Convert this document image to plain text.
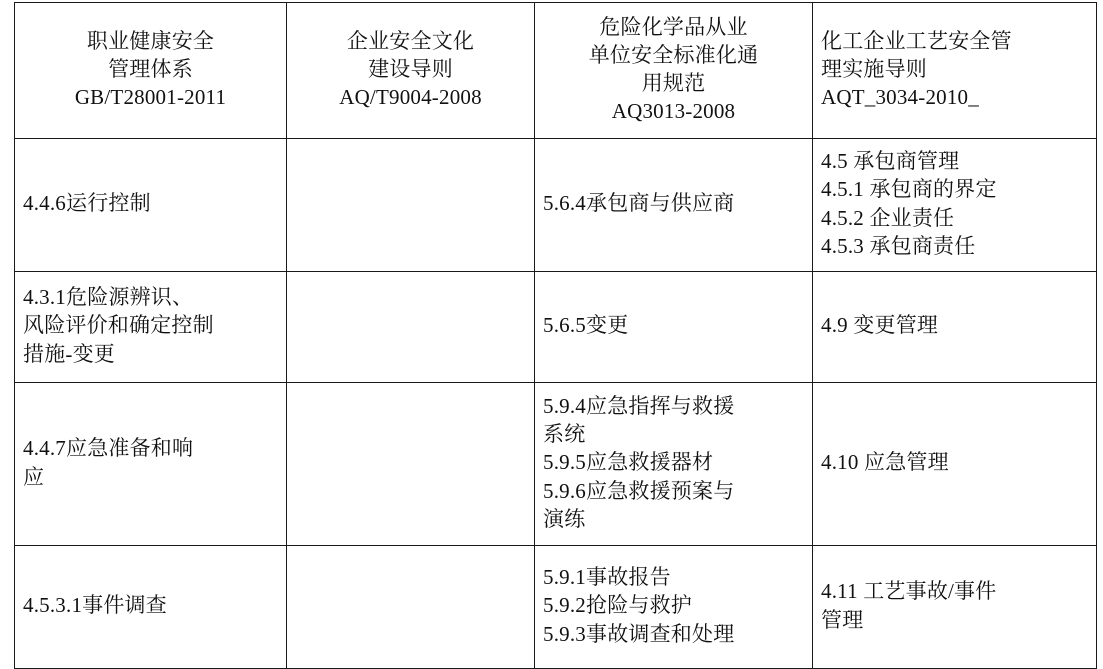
职业健康安全
管理体系
GB/T28001-2011	企业安全文化
建设导则
AQ/T9004-2008	危险化学品从业
单位安全标准化通
用规范
AQ3013-2008	化工企业工艺安全管
理实施导则
AQT_3034-2010_

4.4.6运行控制		5.6.4承包商与供应商	4.5 承包商管理
4.5.1 承包商的界定
4.5.2 企业责任
4.5.3 承包商责任

4.3.1危险源辨识、
风险评价和确定控制
措施-变更		5.6.5变更	4.9 变更管理

4.4.7应急准备和响
应		5.9.4应急指挥与救援
系统
5.9.5应急救援器材
5.9.6应急救援预案与
演练	4.10 应急管理

4.5.3.1事件调查		5.9.1事故报告
5.9.2抢险与救护
5.9.3事故调查和处理	4.11 工艺事故/事件
管理
